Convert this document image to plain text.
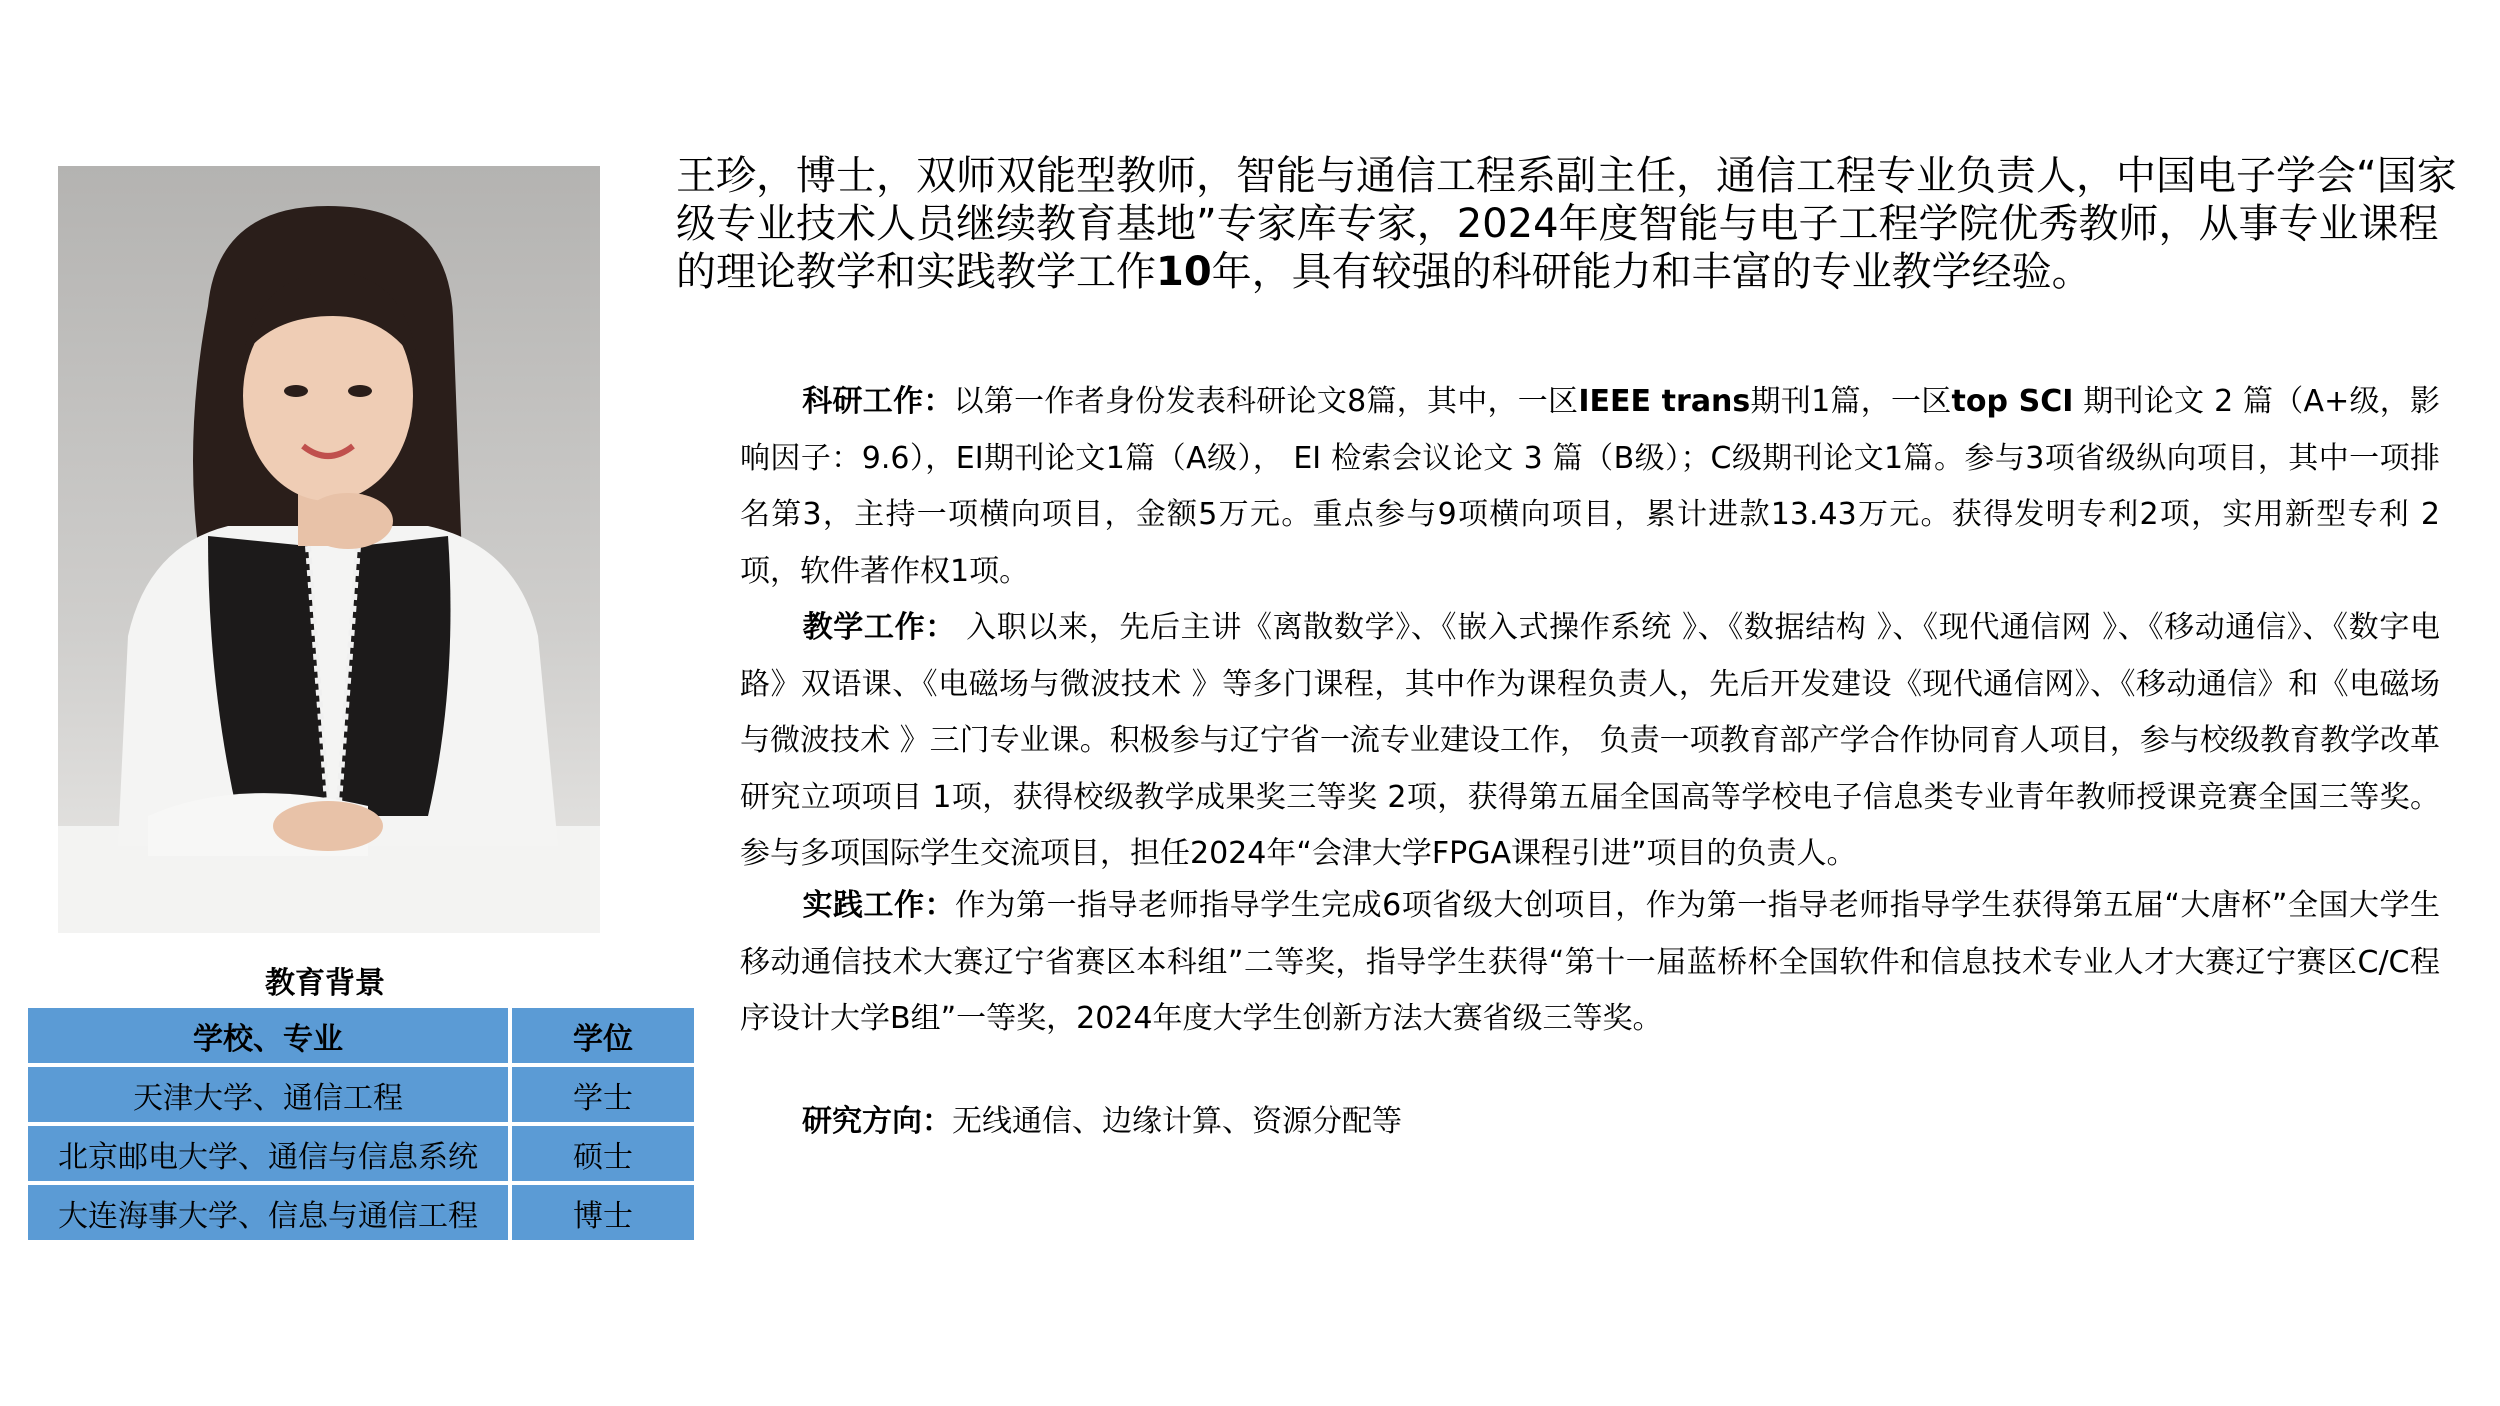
教育背景
学校、专业	学位
天津大学、通信工程	学士
北京邮电大学、通信与信息系统	硕士
大连海事大学、信息与通信工程	博士

王珍，博士，双师双能型教师，智能与通信工程系副主任，通信工程专业负责人，中国电子学会“国家级专业技术人员继续教育基地”专家库专家，2024年度智能与电子工程学院优秀教师，从事专业课程的理论教学和实践教学工作10年，具有较强的科研能力和丰富的专业教学经验。

科研工作：以第一作者身份发表科研论文8篇，其中，一区IEEE trans期刊1篇，一区top SCI 期刊论文 2 篇（A+级，影响因子：9.6），EI期刊论文1篇（A级）， EI 检索会议论文 3 篇（B级）；C级期刊论文1篇。参与3项省级纵向项目，其中一项排名第3，主持一项横向项目，金额5万元。重点参与9项横向项目，累计进款13.43万元。获得发明专利2项，实用新型专利 2 项，软件著作权1项。

教学工作： 入职以来，先后主讲《离散数学》、《嵌入式操作系统 》、《数据结构 》、《现代通信网 》、《移动通信》、《数字电路》双语课、《电磁场与微波技术 》等多门课程，其中作为课程负责人，先后开发建设《现代通信网》、《移动通信》和《电磁场与微波技术 》三门专业课。积极参与辽宁省一流专业建设工作， 负责一项教育部产学合作协同育人项目，参与校级教育教学改革研究立项项目 1项，获得校级教学成果奖三等奖 2项，获得第五届全国高等学校电子信息类专业青年教师授课竞赛全国三等奖。参与多项国际学生交流项目，担任2024年“会津大学FPGA课程引进”项目的负责人。

实践工作：作为第一指导老师指导学生完成6项省级大创项目，作为第一指导老师指导学生获得第五届“大唐杯”全国大学生移动通信技术大赛辽宁省赛区本科组”二等奖，指导学生获得“第十一届蓝桥杯全国软件和信息技术专业人才大赛辽宁赛区C/C程序设计大学B组”一等奖，2024年度大学生创新方法大赛省级三等奖。

研究方向：无线通信、边缘计算、资源分配等
